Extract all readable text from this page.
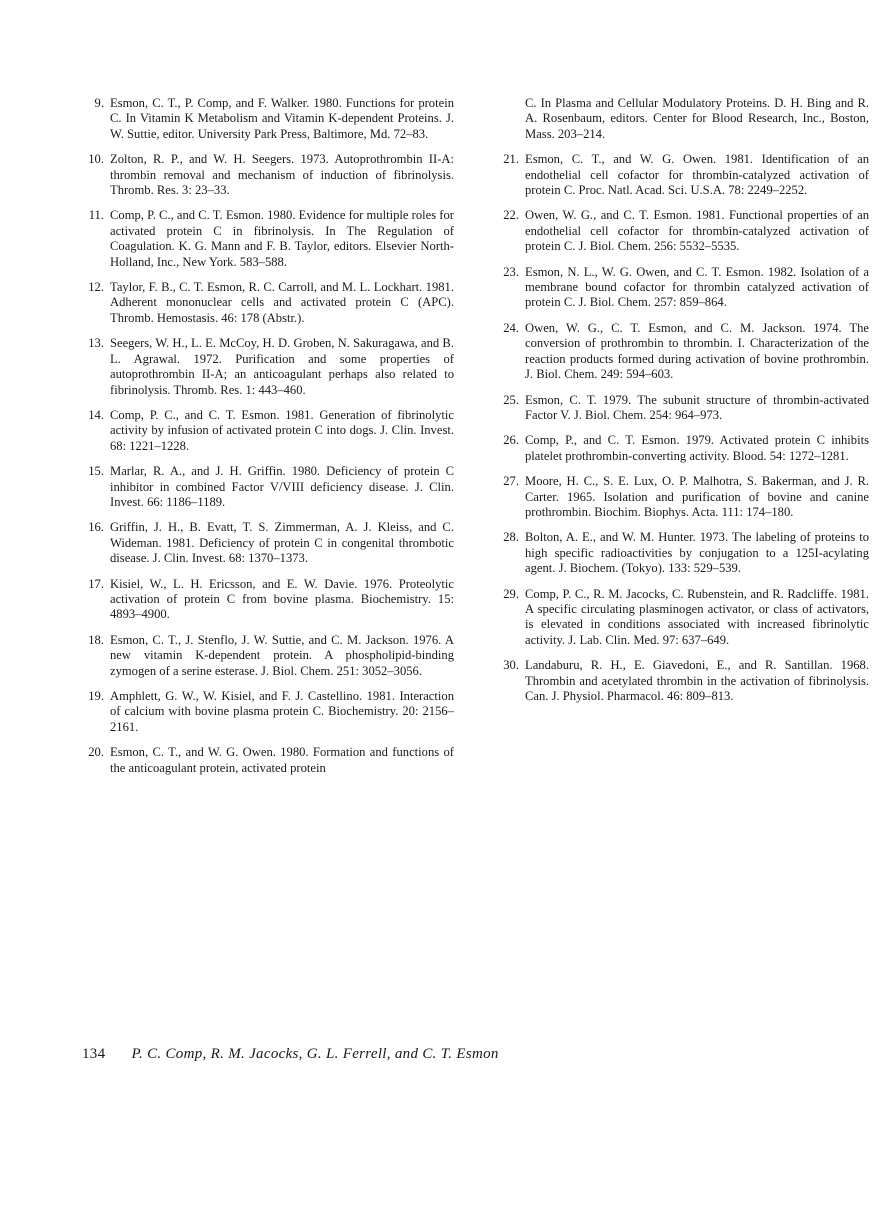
9. Esmon, C. T., P. Comp, and F. Walker. 1980. Functions for protein C. In Vitamin K Metabolism and Vitamin K-dependent Proteins. J. W. Suttie, editor. University Park Press, Baltimore, Md. 72–83.
10. Zolton, R. P., and W. H. Seegers. 1973. Autoprothrombin II-A: thrombin removal and mechanism of induction of fibrinolysis. Thromb. Res. 3: 23–33.
11. Comp, P. C., and C. T. Esmon. 1980. Evidence for multiple roles for activated protein C in fibrinolysis. In The Regulation of Coagulation. K. G. Mann and F. B. Taylor, editors. Elsevier North-Holland, Inc., New York. 583–588.
12. Taylor, F. B., C. T. Esmon, R. C. Carroll, and M. L. Lockhart. 1981. Adherent mononuclear cells and activated protein C (APC). Thromb. Hemostasis. 46: 178 (Abstr.).
13. Seegers, W. H., L. E. McCoy, H. D. Groben, N. Sakuragawa, and B. L. Agrawal. 1972. Purification and some properties of autoprothrombin II-A; an anticoagulant perhaps also related to fibrinolysis. Thromb. Res. 1: 443–460.
14. Comp, P. C., and C. T. Esmon. 1981. Generation of fibrinolytic activity by infusion of activated protein C into dogs. J. Clin. Invest. 68: 1221–1228.
15. Marlar, R. A., and J. H. Griffin. 1980. Deficiency of protein C inhibitor in combined Factor V/VIII deficiency disease. J. Clin. Invest. 66: 1186–1189.
16. Griffin, J. H., B. Evatt, T. S. Zimmerman, A. J. Kleiss, and C. Wideman. 1981. Deficiency of protein C in congenital thrombotic disease. J. Clin. Invest. 68: 1370–1373.
17. Kisiel, W., L. H. Ericsson, and E. W. Davie. 1976. Proteolytic activation of protein C from bovine plasma. Biochemistry. 15: 4893–4900.
18. Esmon, C. T., J. Stenflo, J. W. Suttie, and C. M. Jackson. 1976. A new vitamin K-dependent protein. A phospholipid-binding zymogen of a serine esterase. J. Biol. Chem. 251: 3052–3056.
19. Amphlett, G. W., W. Kisiel, and F. J. Castellino. 1981. Interaction of calcium with bovine plasma protein C. Biochemistry. 20: 2156–2161.
20. Esmon, C. T., and W. G. Owen. 1980. Formation and functions of the anticoagulant protein, activated protein
C. In Plasma and Cellular Modulatory Proteins. D. H. Bing and R. A. Rosenbaum, editors. Center for Blood Research, Inc., Boston, Mass. 203–214.
21. Esmon, C. T., and W. G. Owen. 1981. Identification of an endothelial cell cofactor for thrombin-catalyzed activation of protein C. Proc. Natl. Acad. Sci. U.S.A. 78: 2249–2252.
22. Owen, W. G., and C. T. Esmon. 1981. Functional properties of an endothelial cell cofactor for thrombin-catalyzed activation of protein C. J. Biol. Chem. 256: 5532–5535.
23. Esmon, N. L., W. G. Owen, and C. T. Esmon. 1982. Isolation of a membrane bound cofactor for thrombin catalyzed activation of protein C. J. Biol. Chem. 257: 859–864.
24. Owen, W. G., C. T. Esmon, and C. M. Jackson. 1974. The conversion of prothrombin to thrombin. I. Characterization of the reaction products formed during activation of bovine prothrombin. J. Biol. Chem. 249: 594–603.
25. Esmon, C. T. 1979. The subunit structure of thrombin-activated Factor V. J. Biol. Chem. 254: 964–973.
26. Comp, P., and C. T. Esmon. 1979. Activated protein C inhibits platelet prothrombin-converting activity. Blood. 54: 1272–1281.
27. Moore, H. C., S. E. Lux, O. P. Malhotra, S. Bakerman, and J. R. Carter. 1965. Isolation and purification of bovine and canine prothrombin. Biochim. Biophys. Acta. 111: 174–180.
28. Bolton, A. E., and W. M. Hunter. 1973. The labeling of proteins to high specific radioactivities by conjugation to a 125I-acylating agent. J. Biochem. (Tokyo). 133: 529–539.
29. Comp, P. C., R. M. Jacocks, C. Rubenstein, and R. Radcliffe. 1981. A specific circulating plasminogen activator, or class of activators, is elevated in conditions associated with increased fibrinolytic activity. J. Lab. Clin. Med. 97: 637–649.
30. Landaburu, R. H., E. Giavedoni, E., and R. Santillan. 1968. Thrombin and acetylated thrombin in the activation of fibrinolysis. Can. J. Physiol. Pharmacol. 46: 809–813.
134 P. C. Comp, R. M. Jacocks, G. L. Ferrell, and C. T. Esmon
